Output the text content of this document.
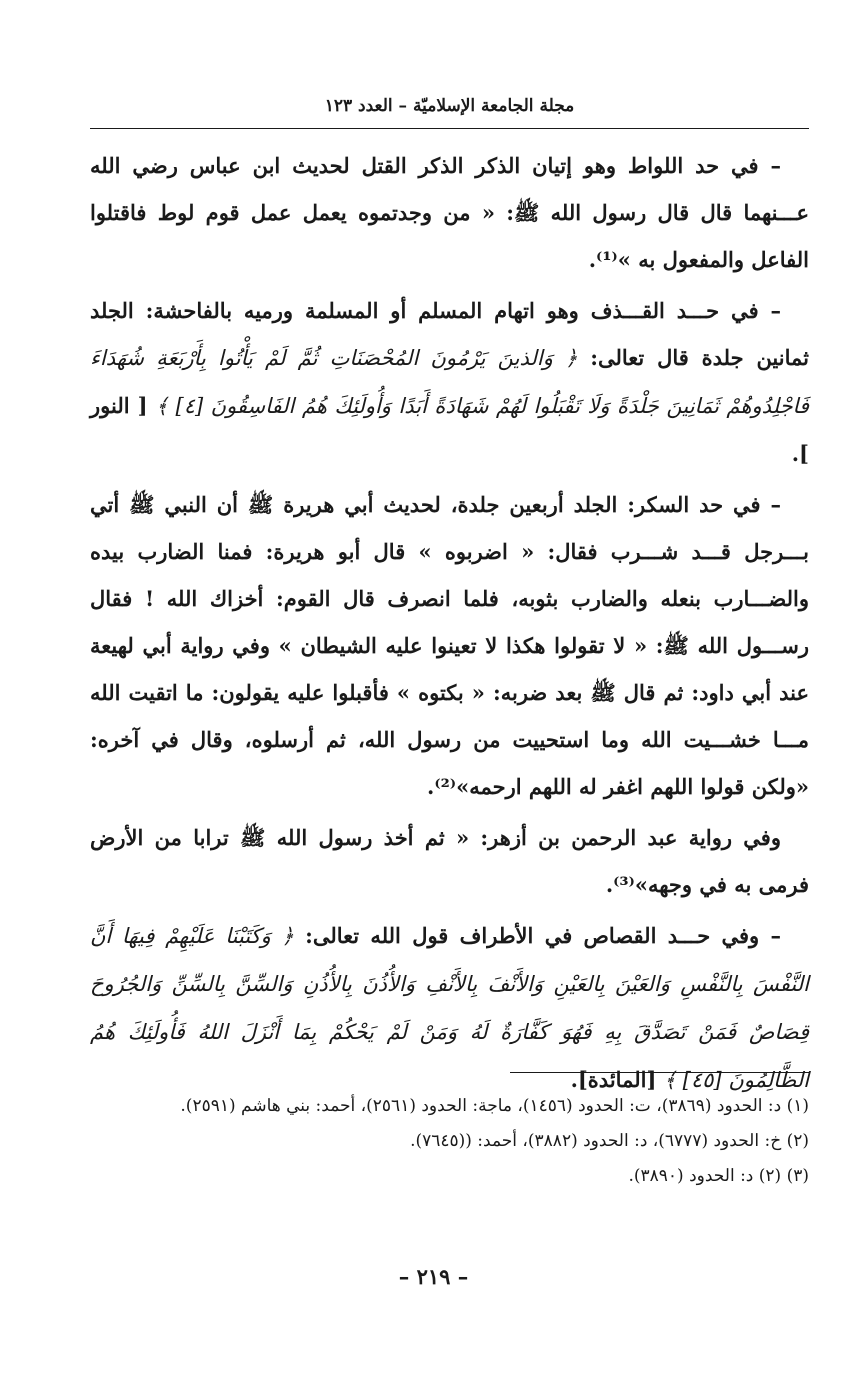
مجلة الجامعة الإسلاميّة – العدد ١٢٣

– في حد اللواط وهو إتيان الذكر الذكر القتل لحديث ابن عباس رضي الله عـــنهما قال قال رسول الله ﷺ: « من وجدتموه يعمل عمل قوم لوط فاقتلوا الفاعل والمفعول به »⁽¹⁾.

– في حـــد القـــذف وهو اتهام المسلم أو المسلمة ورميه بالفاحشة: الجلد ثمانين جلدة قال تعالى: ﴿ وَالذينَ يَرْمُونَ المُحْصَنَاتِ ثُمَّ لَمْ يَأْتُوا بِأَرْبَعَةِ شُهَدَاءَ فَاجْلِدُوهُمْ ثَمَانِينَ جَلْدَةً وَلَا تَقْبَلُوا لَهُمْ شَهَادَةً أَبَدًا وَأُولَئِكَ هُمُ الفَاسِقُونَ [٤] ﴾ [ النور ].

– في حد السكر: الجلد أربعين جلدة، لحديث أبي هريرة ﷺ أن النبي ﷺ أتي بـــرجل قـــد شـــرب فقال: « اضربوه » قال أبو هريرة: فمنا الضارب بيده والضـــارب بنعله والضارب بثوبه، فلما انصرف قال القوم: أخزاك الله ! فقال رســـول الله ﷺ: « لا تقولوا هكذا لا تعينوا عليه الشيطان » وفي رواية أبي لهيعة عند أبي داود: ثم قال ﷺ بعد ضربه: « بكتوه » فأقبلوا عليه يقولون: ما اتقيت الله مـــا خشـــيت الله وما استحييت من رسول الله، ثم أرسلوه، وقال في آخره: «ولكن قولوا اللهم اغفر له اللهم ارحمه»⁽²⁾.

وفي رواية عبد الرحمن بن أزهر: « ثم أخذ رسول الله ﷺ ترابا من الأرض فرمى به في وجهه»⁽³⁾.

– وفي حـــد القصاص في الأطراف قول الله تعالى: ﴿ وَكَتَبْنَا عَلَيْهِمْ فِيهَا أَنَّ النَّفْسَ بِالنَّفْسِ وَالعَيْنَ بِالعَيْنِ وَالأَنْفَ بِالأَنْفِ وَالأُذُنَ بِالأُذُنِ وَالسِّنَّ بِالسِّنِّ وَالجُرُوحَ قِصَاصٌ فَمَنْ تَصَدَّقَ بِهِ فَهُوَ كَفَّارَةٌ لَهُ وَمَنْ لَمْ يَحْكُمْ بِمَا أَنْزَلَ اللهُ فَأُولَئِكَ هُمُ الظَّالِمُونَ [٤٥] ﴾ [المائدة].

(١) د: الحدود (٣٨٦٩)، ت: الحدود (١٤٥٦)، ماجة: الحدود (٢٥٦١)، أحمد: بني هاشم (٢٥٩١).

(٢) خ: الحدود (٦٧٧٧)، د: الحدود (٣٨٨٢)، أحمد: ((٧٦٤٥).

(٣) (٢) د: الحدود (٣٨٩٠).

– ٢١٩ –
